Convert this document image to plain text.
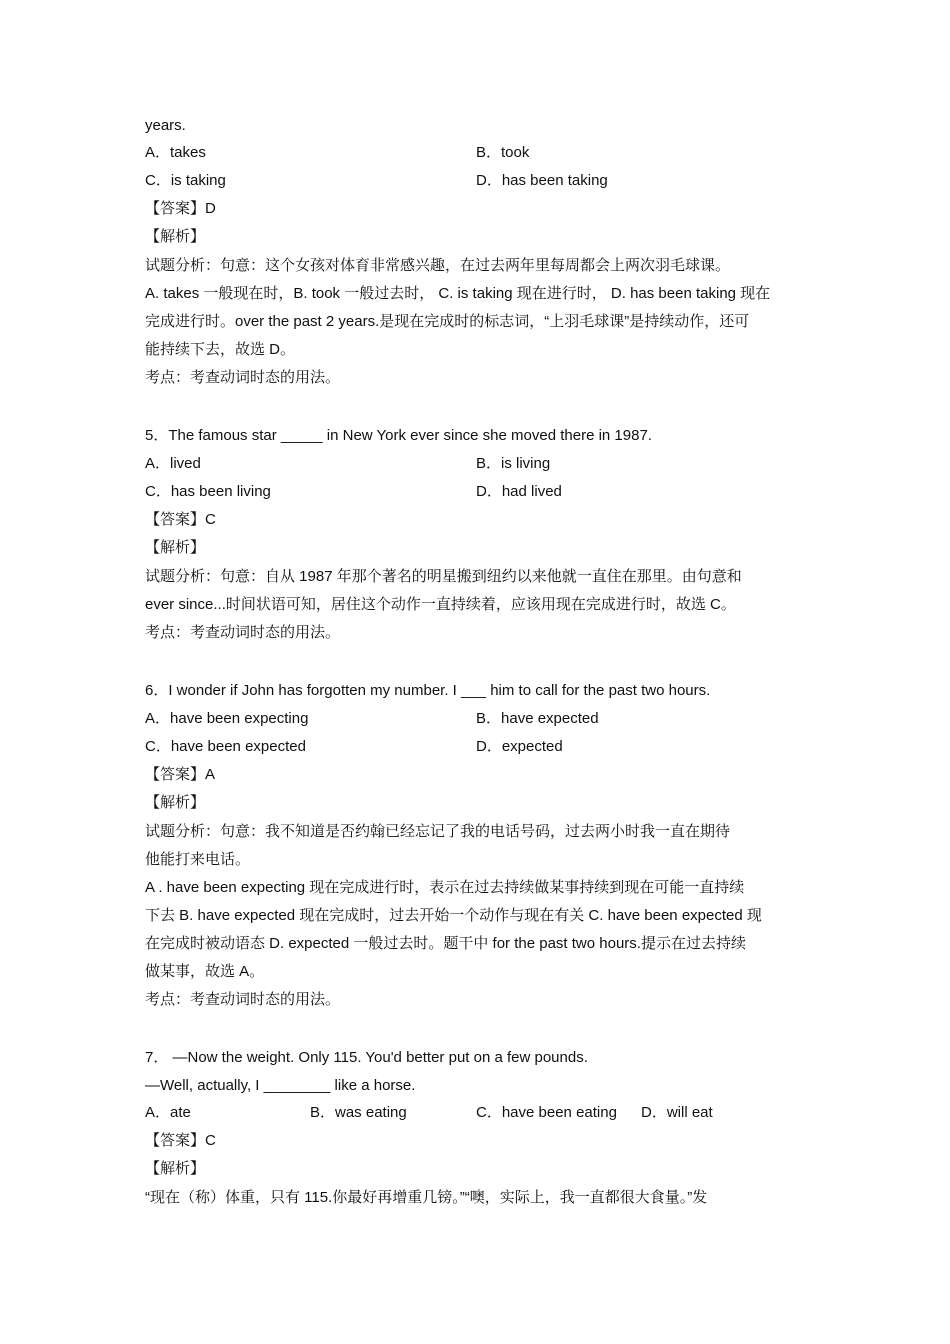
years.
A．takes	B．took
C．is taking	D．has been taking
【答案】D
【解析】
试题分析：句意：这个女孩对体育非常感兴趣，在过去两年里每周都会上两次羽毛球课。
A. takes 一般现在时，B. took 一般过去时， C. is taking 现在进行时， D. has been taking 现在
完成进行时。over the past 2 years.是现在完成时的标志词，“上羽毛球课”是持续动作，还可
能持续下去，故选 D。
考点：考查动词时态的用法。
5．The famous star _____ in New York ever since she moved there in 1987.
A．lived	B．is living
C．has been living	D．had lived
【答案】C
【解析】
试题分析：句意：自从 1987 年那个著名的明星搬到纽约以来他就一直住在那里。由句意和
ever since...时间状语可知，居住这个动作一直持续着，应该用现在完成进行时，故选 C。
考点：考查动词时态的用法。
6．I wonder if John has forgotten my number. I ___ him to call for the past two hours.
A．have been expecting	B．have expected
C．have been expected	D．expected
【答案】A
【解析】
试题分析：句意：我不知道是否约翰已经忘记了我的电话号码，过去两小时我一直在期待
他能打来电话。
A . have been expecting 现在完成进行时，表示在过去持续做某事持续到现在可能一直持续
下去 B. have expected 现在完成时，过去开始一个动作与现在有关 C. have been expected 现
在完成时被动语态 D. expected 一般过去时。题干中 for the past two hours.提示在过去持续
做某事，故选 A。
考点：考查动词时态的用法。
7． —Now the weight. Only 115. You'd better put on a few pounds.
—Well, actually, I ________ like a horse.
A．ate	B．was eating	C．have been eating D．will eat
【答案】C
【解析】
“现在（称）体重，只有 115.你最好再增重几镑。”“噢，实际上，我一直都很大食量。”发
